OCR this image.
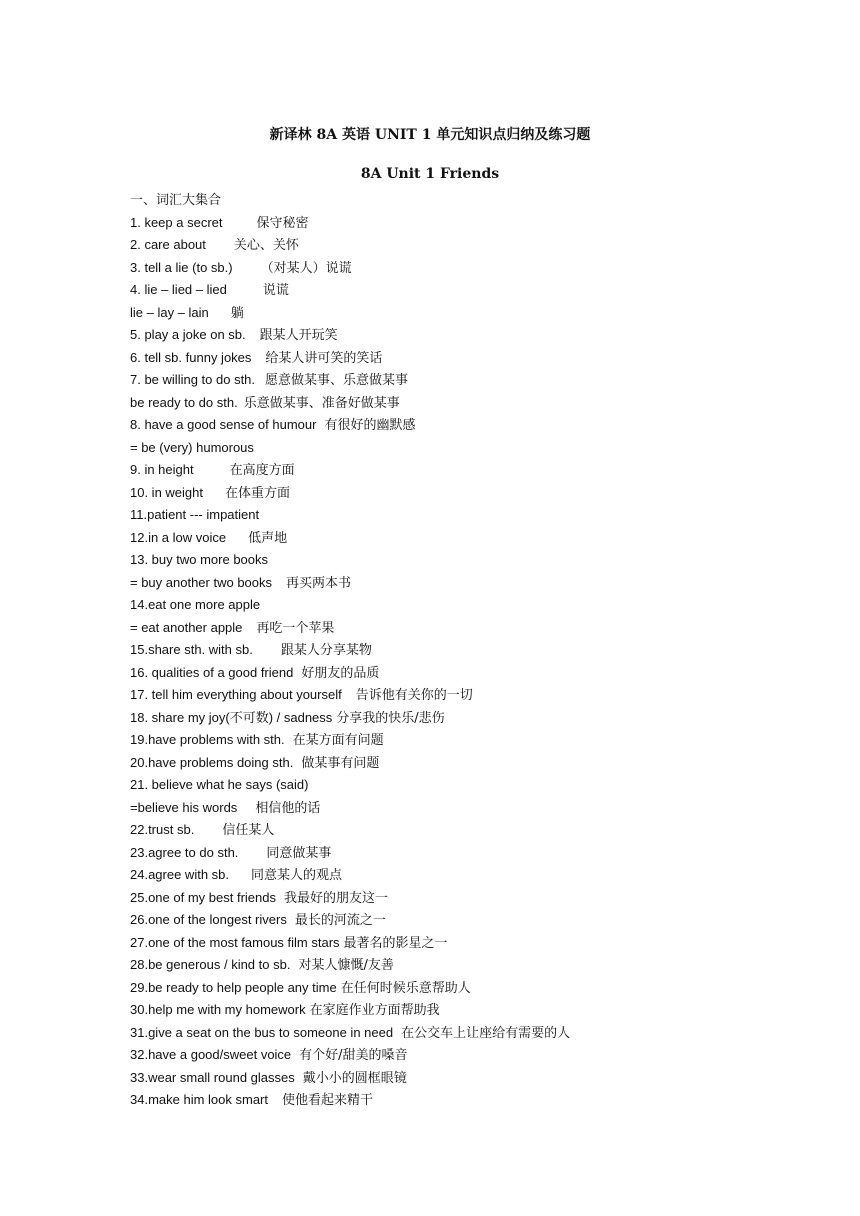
新译林 8A 英语 UNIT 1 单元知识点归纳及练习题
8A Unit 1 Friends
一、词汇大集合
1. keep a secret	保守秘密
2. care about 关心、关怀
3. tell a lie (to sb.) （对某人）说谎
4. lie – lied – lied	说谎
lie – lay – lain 躺
5. play a joke on sb. 跟某人开玩笑
6. tell sb. funny jokes 给某人讲可笑的笑话
7. be willing to do sth. 愿意做某事、乐意做某事
be ready to do sth. 乐意做某事、准备好做某事
8. have a good sense of humour 有很好的幽默感
= be (very) humorous
9. in height	在高度方面
10. in weight 在体重方面
11.patient --- impatient
12.in a low voice 低声地
13. buy two more books
= buy another two books 再买两本书
14.eat one more apple
= eat another apple 再吃一个苹果
15.share sth. with sb. 跟某人分享某物
16. qualities of a good friend 好朋友的品质
17. tell him everything about yourself 告诉他有关你的一切
18. share my joy(不可数) / sadness 分享我的快乐/悲伤
19.have problems with sth. 在某方面有问题
20.have problems doing sth. 做某事有问题
21. believe what he says (said)
=believe his words 相信他的话
22.trust sb. 信任某人
23.agree to do sth. 同意做某事
24.agree with sb. 同意某人的观点
25.one of my best friends 我最好的朋友这一
26.one of the longest rivers 最长的河流之一
27.one of the most famous film stars 最著名的影星之一
28.be generous / kind to sb. 对某人慷慨/友善
29.be ready to help people any time 在任何时候乐意帮助人
30.help me with my homework 在家庭作业方面帮助我
31.give a seat on the bus to someone in need 在公交车上让座给有需要的人
32.have a good/sweet voice 有个好/甜美的嗓音
33.wear small round glasses 戴小小的圆框眼镜
34.make him look smart 使他看起来精干
